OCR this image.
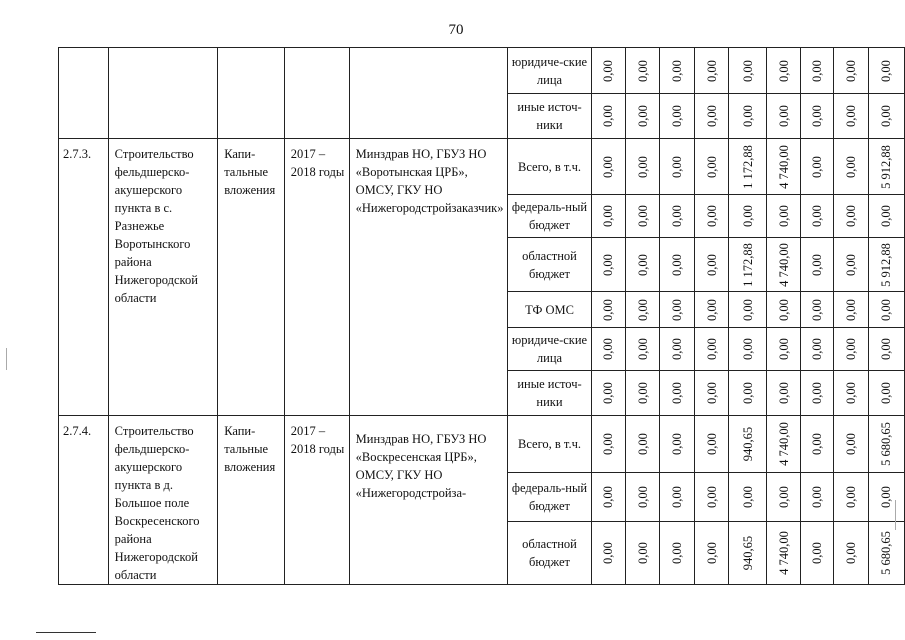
70
					юридиче-ские лица	0,00	0,00	0,00	0,00	0,00	0,00	0,00	0,00	0,00

					иные источ-ники	0,00	0,00	0,00	0,00	0,00	0,00	0,00	0,00	0,00

2.7.3.	Строительство фельдшерско-акушерского пункта в с. Разнежье Воротынского района Нижегородской области	Капи-тальные вложения	2017 – 2018 годы	Минздрав НО, ГБУЗ НО «Воротынская ЦРБ», ОМСУ, ГКУ НО «Нижегородстройзаказчик»	Всего, в т.ч.	0,00	0,00	0,00	0,00	1 172,88	4 740,00	0,00	0,00	5 912,88

					федераль-ный бюджет	0,00	0,00	0,00	0,00	0,00	0,00	0,00	0,00	0,00

					областной бюджет	0,00	0,00	0,00	0,00	1 172,88	4 740,00	0,00	0,00	5 912,88

					ТФ ОМС	0,00	0,00	0,00	0,00	0,00	0,00	0,00	0,00	0,00

					юридиче-ские лица	0,00	0,00	0,00	0,00	0,00	0,00	0,00	0,00	0,00

					иные источ-ники	0,00	0,00	0,00	0,00	0,00	0,00	0,00	0,00	0,00

2.7.4.	Строительство фельдшерско-акушерского пункта в д. Большое поле Воскресенского района Нижегородской области	Капи-тальные вложения	2017 – 2018 годы	Минздрав НО, ГБУЗ НО «Воскресенская ЦРБ», ОМСУ, ГКУ НО «Нижегородстройза-	Всего, в т.ч.	0,00	0,00	0,00	0,00	940,65	4 740,00	0,00	0,00	5 680,65

					федераль-ный бюджет	0,00	0,00	0,00	0,00	0,00	0,00	0,00	0,00	0,00

					областной бюджет	0,00	0,00	0,00	0,00	940,65	4 740,00	0,00	0,00	5 680,65
